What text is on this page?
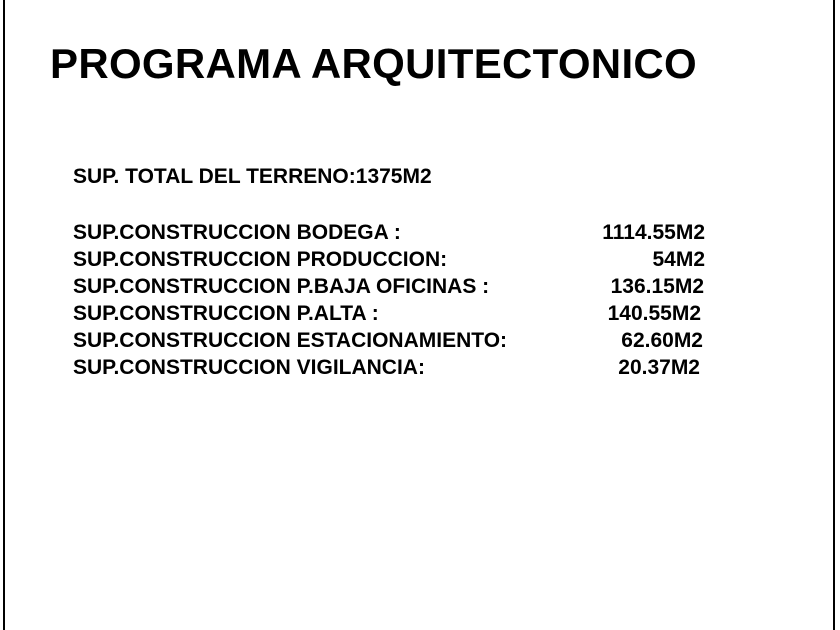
PROGRAMA ARQUITECTONICO
SUP. TOTAL DEL TERRENO:1375M2
SUP.CONSTRUCCION BODEGA :	1114.55M2
SUP.CONSTRUCCION PRODUCCION:	54M2
SUP.CONSTRUCCION P.BAJA OFICINAS :	136.15M2
SUP.CONSTRUCCION P.ALTA :	140.55M2
SUP.CONSTRUCCION ESTACIONAMIENTO:	62.60M2
SUP.CONSTRUCCION VIGILANCIA:	20.37M2
